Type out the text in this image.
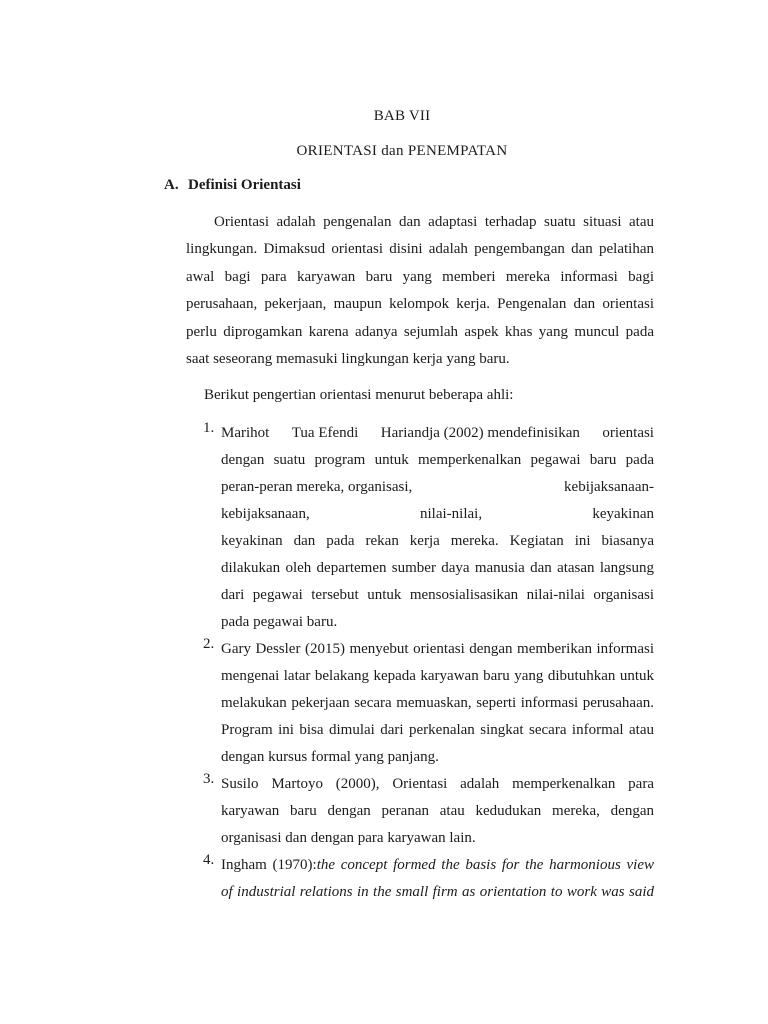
BAB VII
ORIENTASI dan PENEMPATAN
A. Definisi Orientasi
Orientasi adalah pengenalan dan adaptasi terhadap suatu situasi atau
lingkungan. Dimaksud orientasi disini adalah pengembangan dan pelatihan
awal bagi para karyawan baru yang memberi mereka informasi bagi
perusahaan, pekerjaan, maupun kelompok kerja. Pengenalan dan orientasi
perlu diprogamkan karena adanya sejumlah aspek khas yang muncul pada
saat seseorang memasuki lingkungan kerja yang baru.
Berikut pengertian orientasi menurut beberapa ahli:
1. Marihot Tua Efendi Hariandja (2002) mendefinisikan orientasi
dengan suatu program untuk memperkenalkan pegawai baru pada
peran-peran mereka, organisasi,	kebijaksanaan-
kebijaksanaan,	nilai-nilai,	keyakinan
keyakinan dan pada rekan kerja mereka. Kegiatan ini biasanya
dilakukan oleh departemen sumber daya manusia dan atasan langsung
dari pegawai tersebut untuk mensosialisasikan nilai-nilai organisasi
pada pegawai baru.
2. Gary Dessler (2015) menyebut orientasi dengan memberikan informasi
mengenai latar belakang kepada karyawan baru yang dibutuhkan untuk
melakukan pekerjaan secara memuaskan, seperti informasi perusahaan.
Program ini bisa dimulai dari perkenalan singkat secara informal atau
dengan kursus formal yang panjang.
3. Susilo Martoyo (2000), Orientasi adalah memperkenalkan para
karyawan baru dengan peranan atau kedudukan mereka, dengan
organisasi dan dengan para karyawan lain.
4. Ingham (1970):the concept formed the basis for the harmonious view
of industrial relations in the small firm as orientation to work was said
